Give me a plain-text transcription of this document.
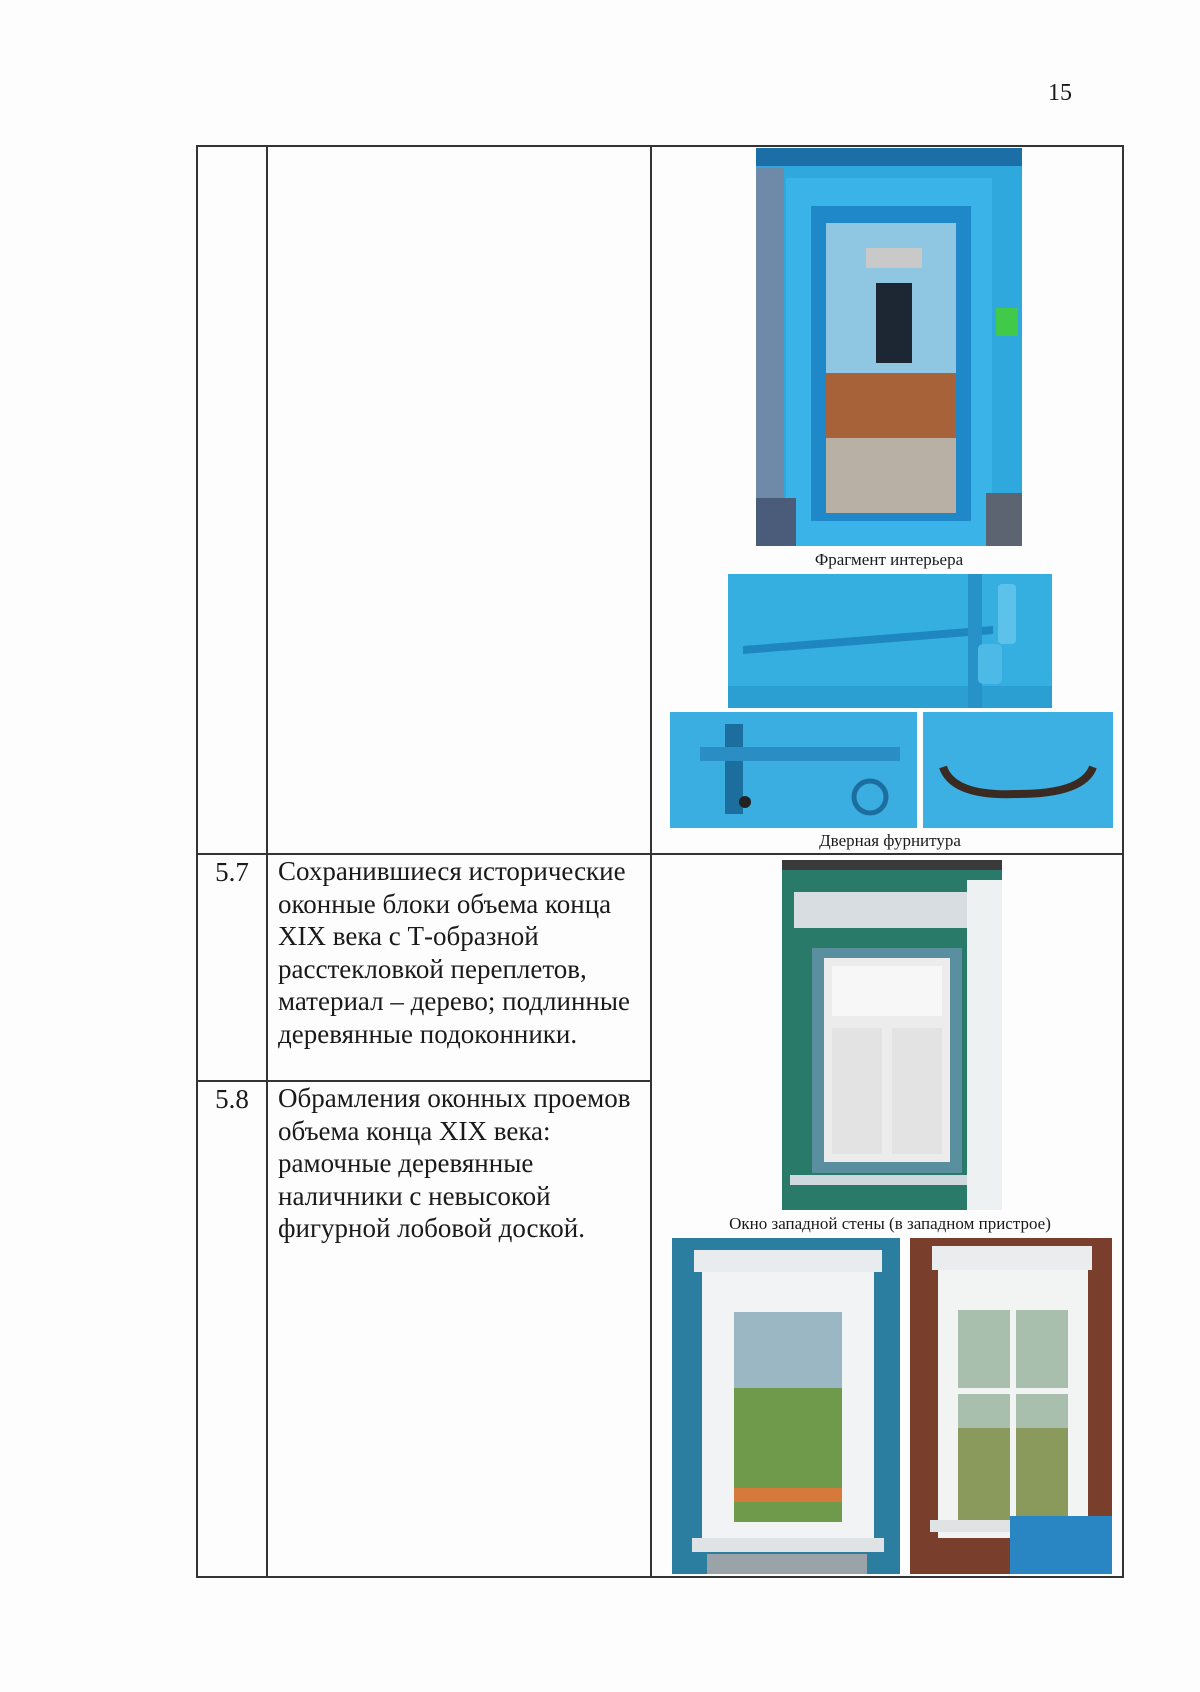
15
5.7	Сохранившиеся исторические оконные блоки объема конца XIX века с Т-образной расстекловкой переплетов, материал – дерево; подлинные деревянные подоконники.
5.8	Обрамления оконных проемов объема конца XIX века: рамочные деревянные наличники с невысокой фигурной лобовой доской.
Фрагмент интерьера
Дверная фурнитура
Окно западной стены (в западном пристрое)
